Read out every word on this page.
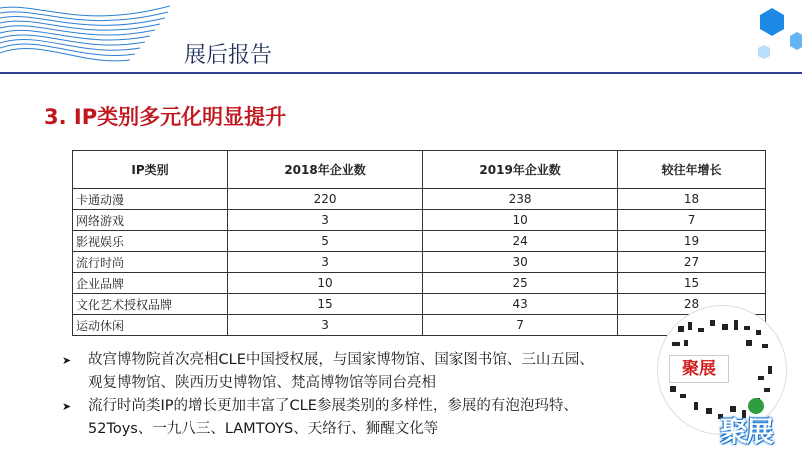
展后报告
3. IP类别多元化明显提升
IP类别	2018年企业数	2019年企业数	较往年增长
卡通动漫	220	238	18
网络游戏	3	10	7
影视娱乐	5	24	19
流行时尚	3	30	27
企业品牌	10	25	15
文化艺术授权品牌	15	43	28
运动休闲	3	7	
➤ 故宫博物院首次亮相CLE中国授权展，与国家博物馆、国家图书馆、三山五园、
观复博物馆、陕西历史博物馆、梵高博物馆等同台亮相
➤ 流行时尚类IP的增长更加丰富了CLE参展类别的多样性，参展的有泡泡玛特、
52Toys、一九八三、LAMTOYS、天络行、狮醒文化等
聚展
聚展
